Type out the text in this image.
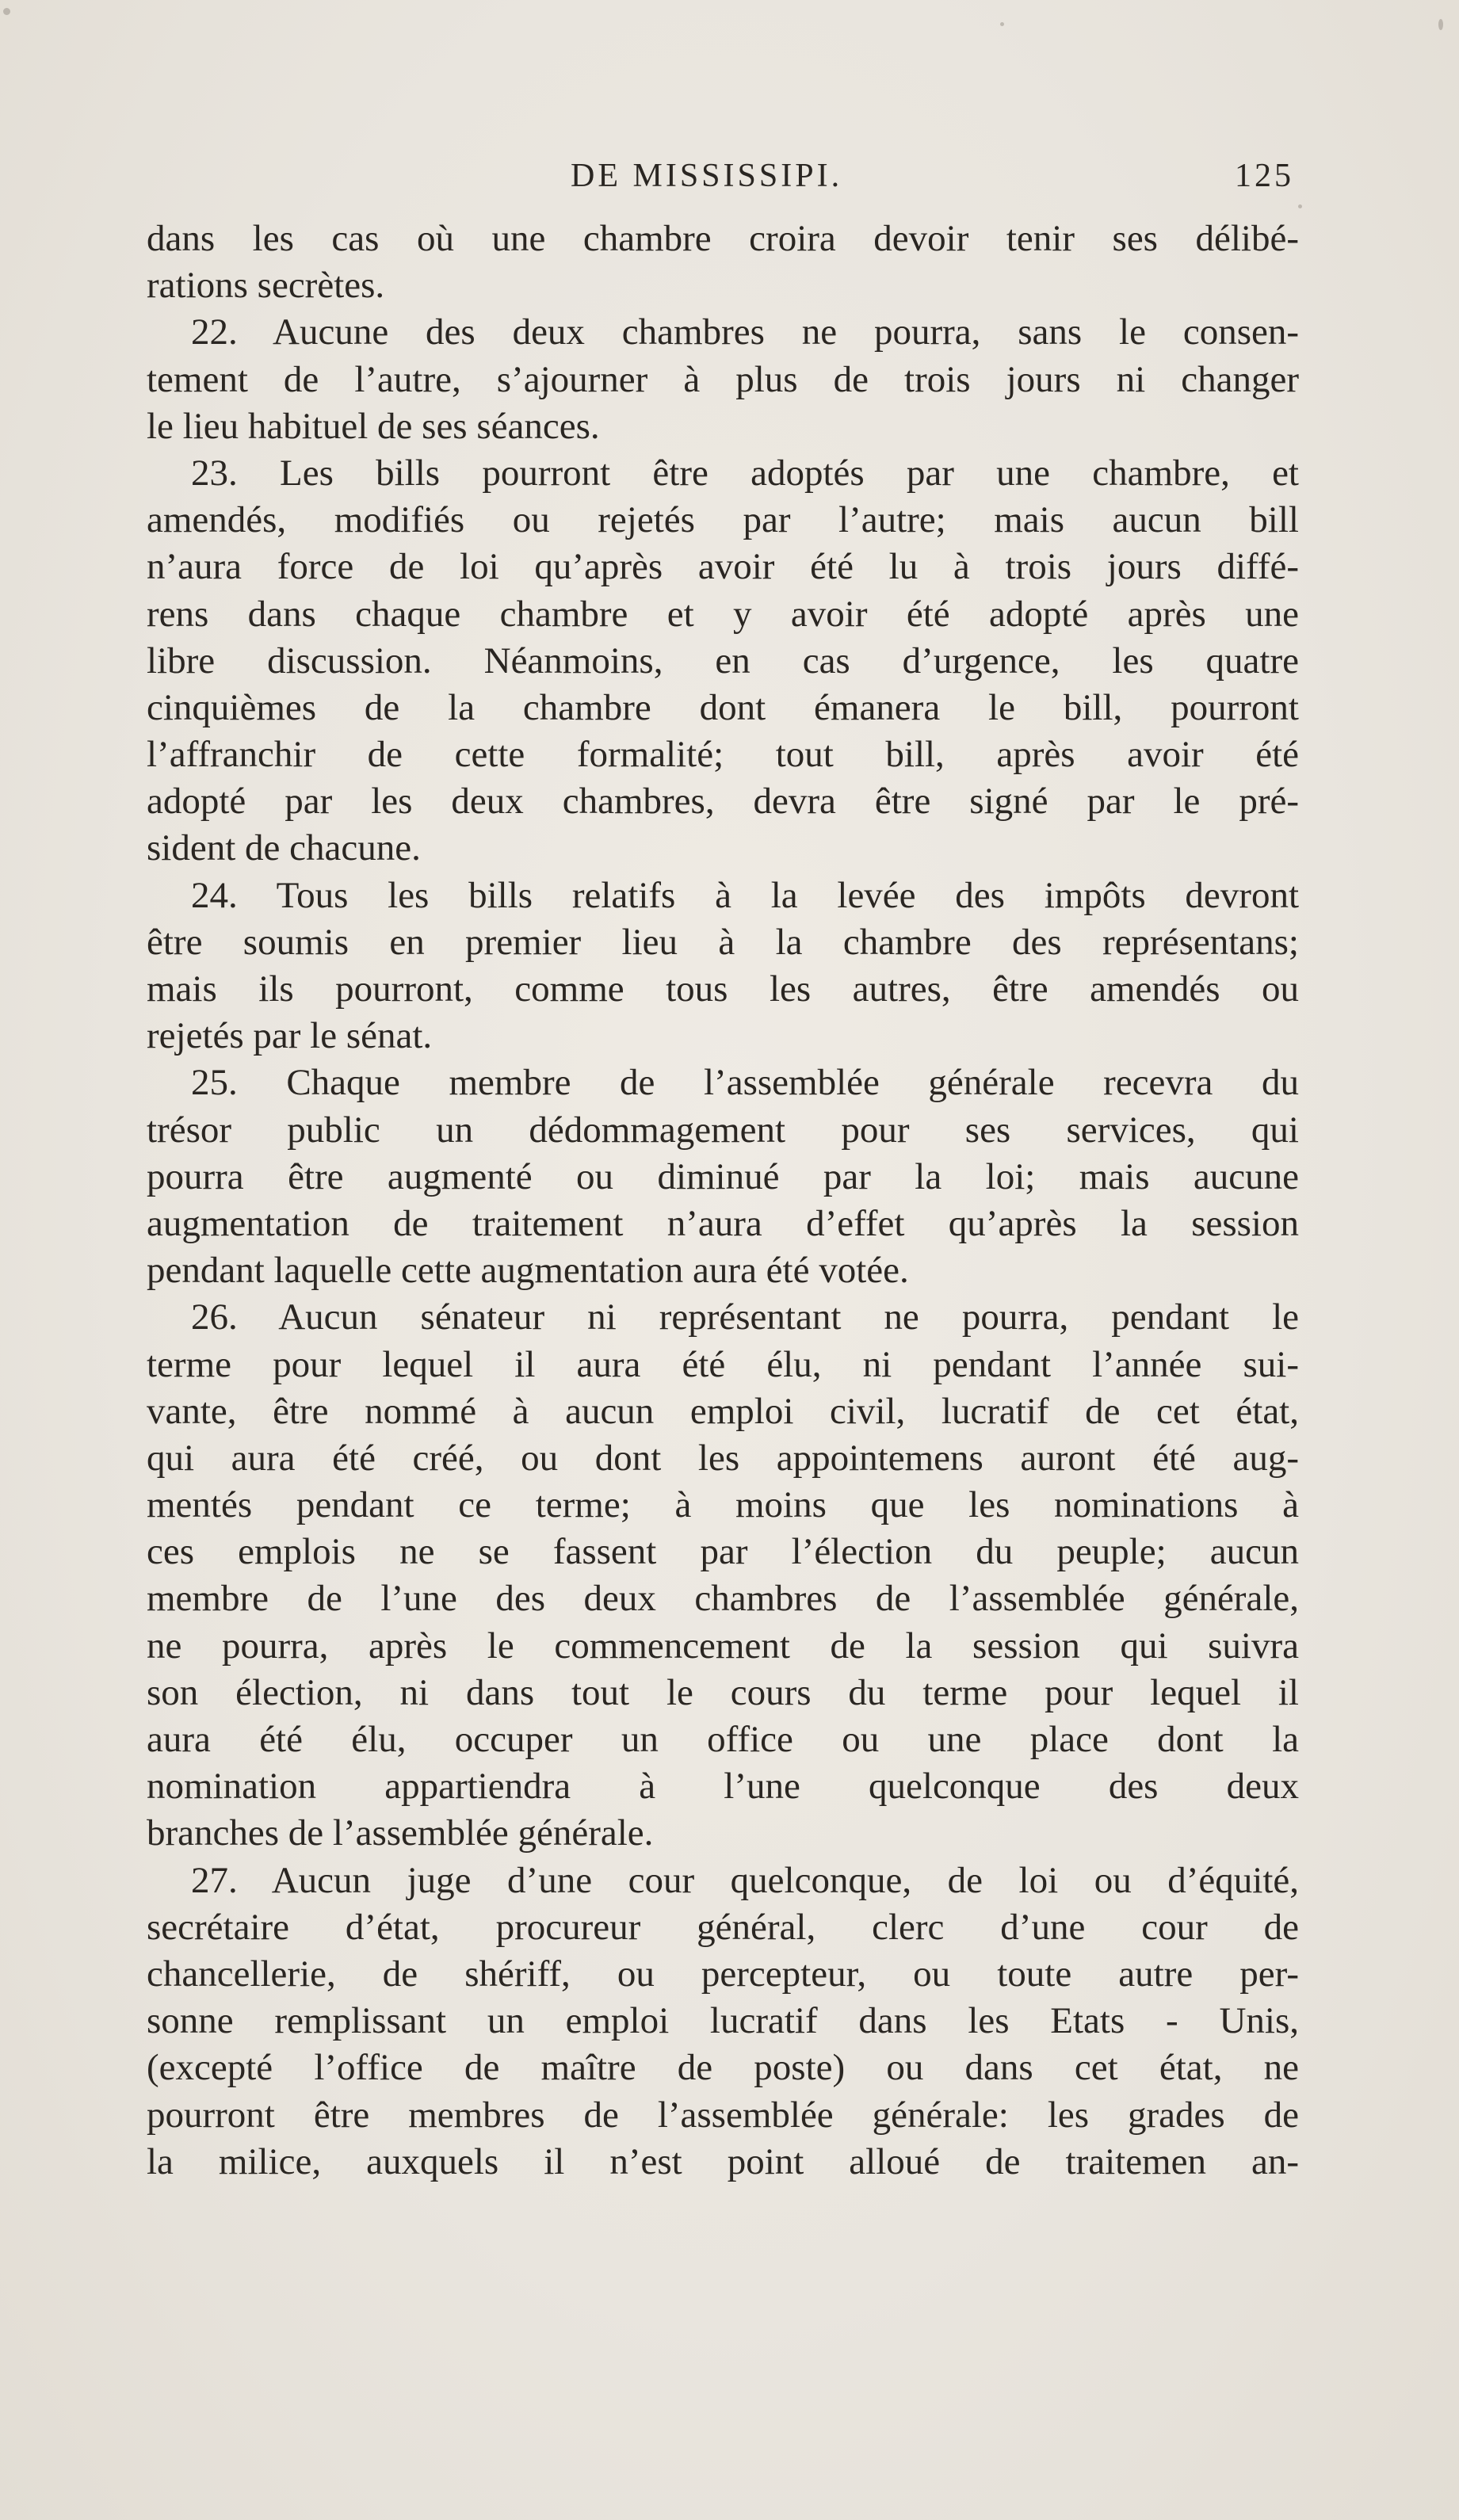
DE MISSISSIPI.	125
dans les cas où une chambre croira devoir tenir ses délibé-
rations secrètes.
22. Aucune des deux chambres ne pourra, sans le consen-
tement de l’autre, s’ajourner à plus de trois jours ni changer
le lieu habituel de ses séances.
23. Les bills pourront être adoptés par une chambre, et
amendés, modifiés ou rejetés par l’autre; mais aucun bill
n’aura force de loi qu’après avoir été lu à trois jours diffé-
rens dans chaque chambre et y avoir été adopté après une
libre discussion. Néanmoins, en cas d’urgence, les quatre
cinquièmes de la chambre dont émanera le bill, pourront
l’affranchir de cette formalité; tout bill, après avoir été
adopté par les deux chambres, devra être signé par le pré-
sident de chacune.
24. Tous les bills relatifs à la levée des impôts devront
être soumis en premier lieu à la chambre des représentans;
mais ils pourront, comme tous les autres, être amendés ou
rejetés par le sénat.
25. Chaque membre de l’assemblée générale recevra du
trésor public un dédommagement pour ses services, qui
pourra être augmenté ou diminué par la loi; mais aucune
augmentation de traitement n’aura d’effet qu’après la session
pendant laquelle cette augmentation aura été votée.
26. Aucun sénateur ni représentant ne pourra, pendant le
terme pour lequel il aura été élu, ni pendant l’année sui-
vante, être nommé à aucun emploi civil, lucratif de cet état,
qui aura été créé, ou dont les appointemens auront été aug-
mentés pendant ce terme; à moins que les nominations à
ces emplois ne se fassent par l’élection du peuple; aucun
membre de l’une des deux chambres de l’assemblée générale,
ne pourra, après le commencement de la session qui suivra
son élection, ni dans tout le cours du terme pour lequel il
aura été élu, occuper un office ou une place dont la
nomination appartiendra à l’une quelconque des deux
branches de l’assemblée générale.
27. Aucun juge d’une cour quelconque, de loi ou d’équité,
secrétaire d’état, procureur général, clerc d’une cour de
chancellerie, de shériff, ou percepteur, ou toute autre per-
sonne remplissant un emploi lucratif dans les Etats - Unis,
(excepté l’office de maître de poste) ou dans cet état, ne
pourront être membres de l’assemblée générale: les grades de
la milice, auxquels il n’est point alloué de traitemen an-
